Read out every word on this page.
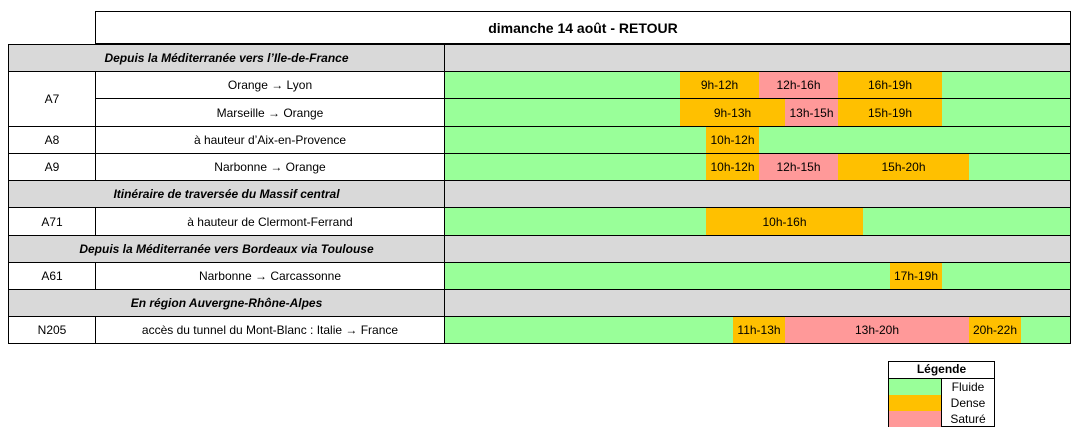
dimanche 14 août - RETOUR
Depuis la Méditerranée vers l’Ile-de-France
A7
Orange → Lyon	9h-12h	12h-16h	16h-19h
Marseille → Orange	9h-13h	13h-15h	15h-19h
A8	à hauteur d’Aix-en-Provence	10h-12h
A9	Narbonne → Orange	10h-12h	12h-15h	15h-20h
Itinéraire de traversée du Massif central
A71	à hauteur de Clermont-Ferrand	10h-16h
Depuis la Méditerranée vers Bordeaux via Toulouse
A61	Narbonne → Carcassonne	17h-19h
En région Auvergne-Rhône-Alpes
N205	accès du tunnel du Mont-Blanc : Italie → France	11h-13h	13h-20h	20h-22h
Légende
Fluide
Dense
Saturé
